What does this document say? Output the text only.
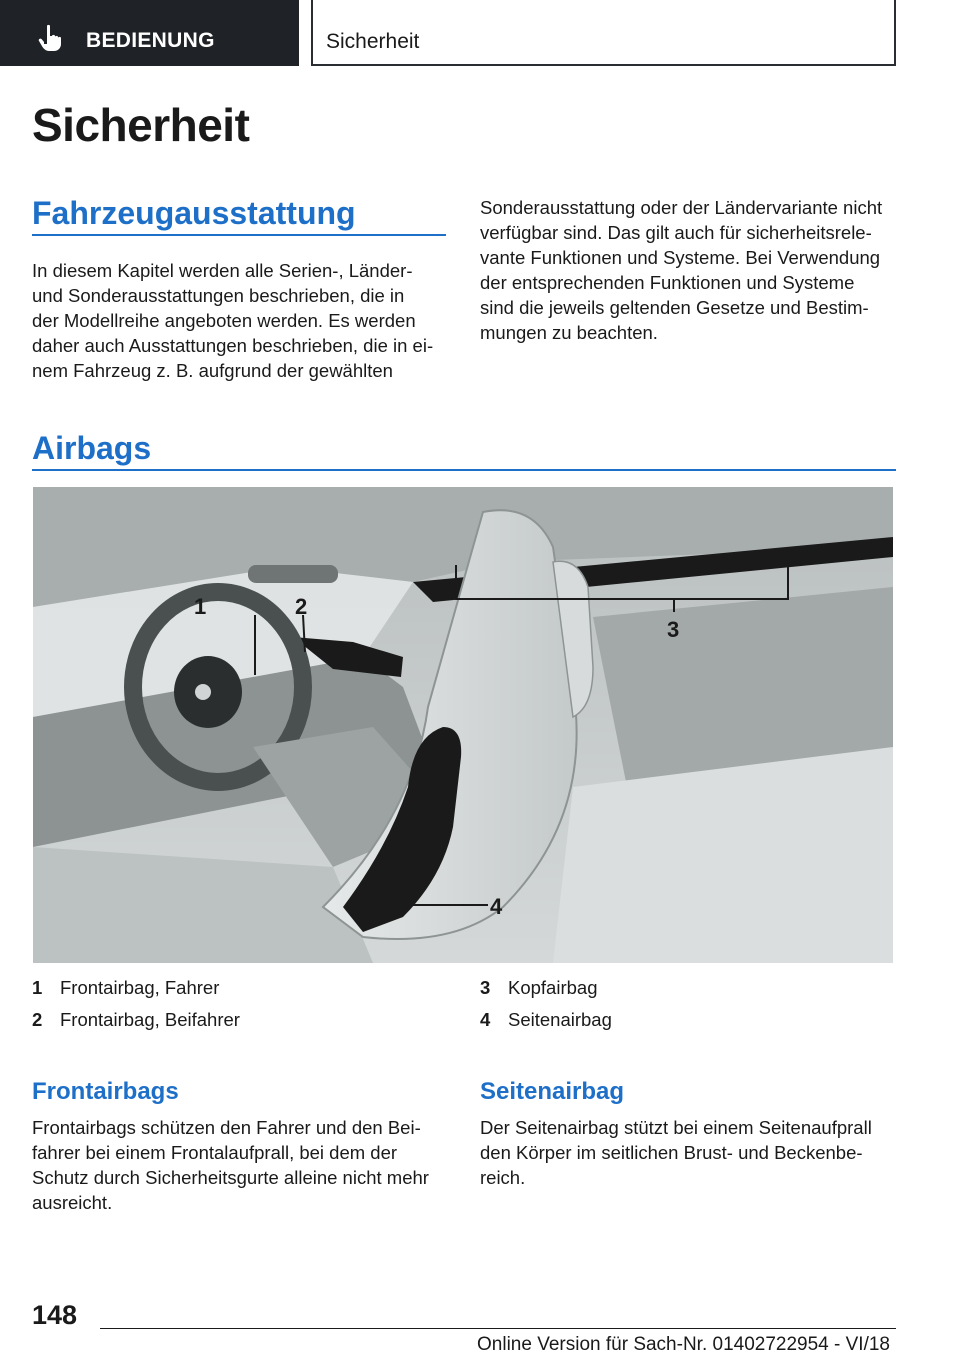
BEDIENUNG	Sicherheit
Sicherheit
Fahrzeugausstattung
In diesem Kapitel werden alle Serien-, Länder-
und Sonderausstattungen beschrieben, die in
der Modellreihe angeboten werden. Es werden
daher auch Ausstattungen beschrieben, die in ei-
nem Fahrzeug z. B. aufgrund der gewählten
Sonderausstattung oder der Ländervariante nicht
verfügbar sind. Das gilt auch für sicherheitsrele-
vante Funktionen und Systeme. Bei Verwendung
der entsprechenden Funktionen und Systeme
sind die jeweils geltenden Gesetze und Bestim-
mungen zu beachten.
Airbags
1	2
3
4
1 Frontairbag, Fahrer
2 Frontairbag, Beifahrer
3 Kopfairbag
4 Seitenairbag
Frontairbags
Frontairbags schützen den Fahrer und den Bei-
fahrer bei einem Frontalaufprall, bei dem der
Schutz durch Sicherheitsgurte alleine nicht mehr
ausreicht.
Seitenairbag
Der Seitenairbag stützt bei einem Seitenaufprall
den Körper im seitlichen Brust- und Beckenbe-
reich.
148
Online Version für Sach-Nr. 01402722954 - VI/18
